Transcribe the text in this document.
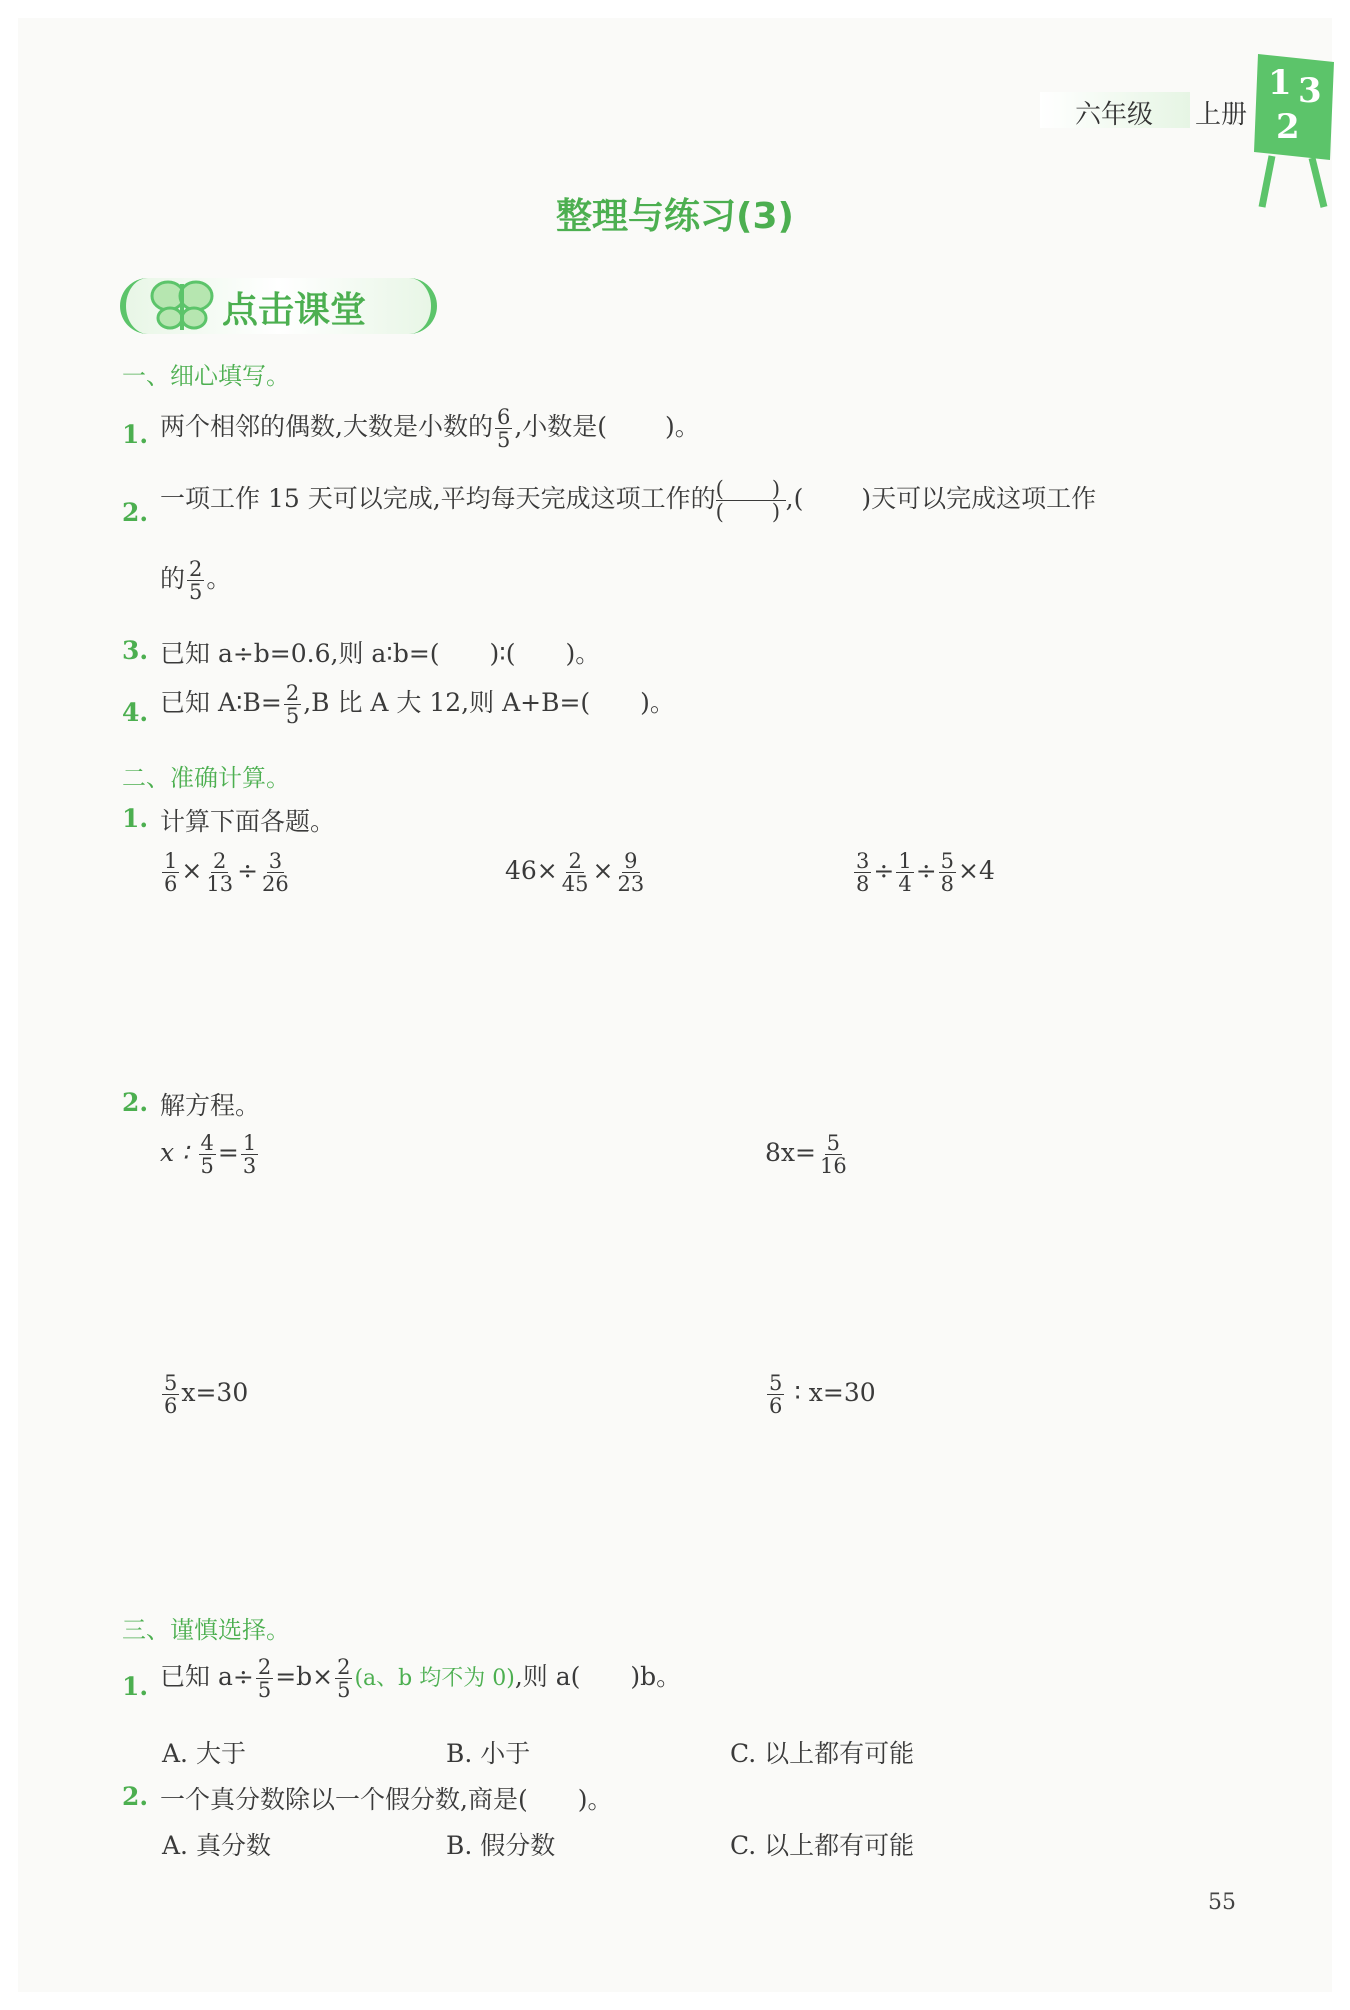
六年级 上册
1 3
2
整理与练习(3)
点击课堂
一、细心填写。
1. 两个相邻的偶数,大数是小数的 $\frac{6}{5}$ ,小数是( )。
2. 一项工作 15 天可以完成,平均每天完成这项工作的 ( )
( ) ,( )天可以完成这项工作
的 $\frac{2}{5}$ 。
3. 已知 a÷b=0.6,则 a∶b=(　　)∶(　　)。
4. 已知 A∶B= $\frac{2}{5} ,B$ 比 A 大 12,则 A+B=(　　)。
二、准确计算。
1. 计算下面各题。
$\frac{1}{6} \times \frac{2}{13} \div \frac{3}{26}$	$46\times \frac{2}{45} \times \frac{9}{23}$	$\frac{3}{8} \div \frac{1}{4} \div \frac{5}{8} \times 4$
2. 解方程。
x ∶ $\frac{4}{5} = \frac{1}{3}$	$8x= \frac{5}{16}$
$\frac{5}{6} x=30$	$\frac{5}{6}$ ∶ x=30
三、谨慎选择。
1. 已知 $a\div \frac{2}{5} =b\times \frac{2}{5} (a$、b 均不为 0),则 a(　　)b。
A. 大于	B. 小于	C. 以上都有可能
2. 一个真分数除以一个假分数,商是(　　)。
A. 真分数	B. 假分数	C. 以上都有可能
55
